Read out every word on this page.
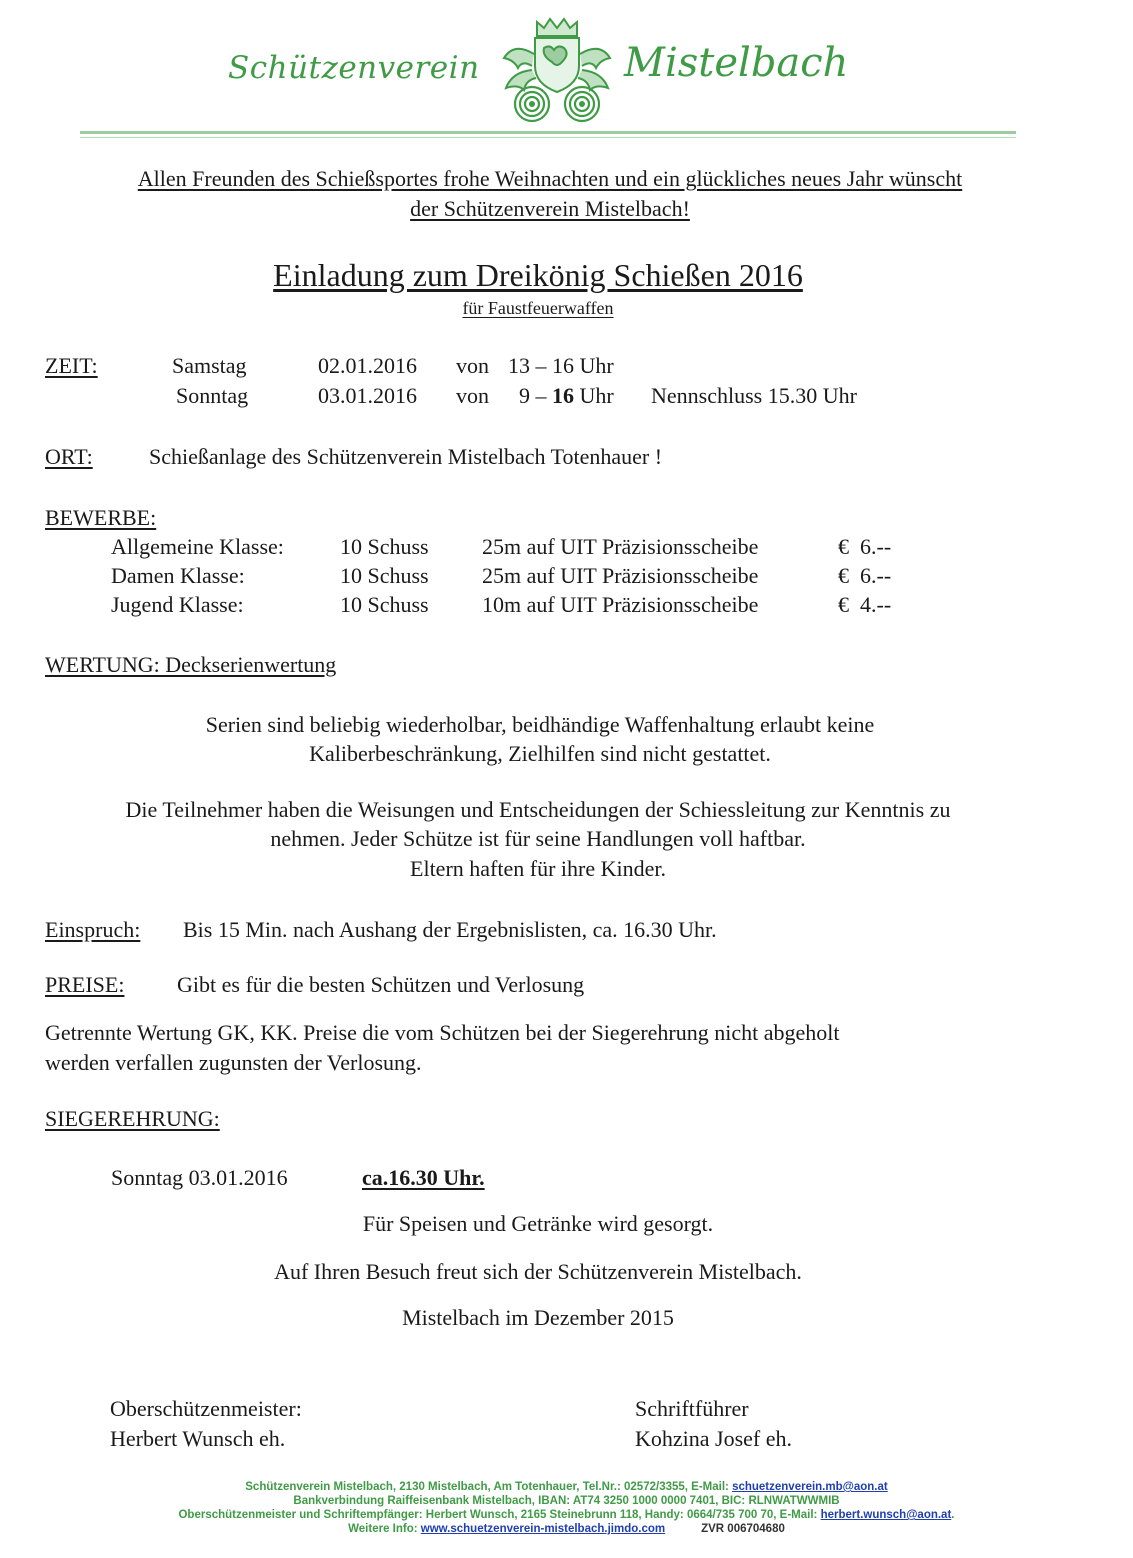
Schützenverein	Mistelbach
Allen Freunden des Schießsportes frohe Weihnachten und ein glückliches neues Jahr wünscht
der Schützenverein Mistelbach!
Einladung zum Dreikönig Schießen 2016
für Faustfeuerwaffen
ZEIT:	Samstag	02.01.2016 von 13 – 16 Uhr
Sonntag	03.01.2016 von 9 – 16 Uhr Nennschluss 15.30 Uhr
ORT:	Schießanlage des Schützenverein Mistelbach Totenhauer !
BEWERBE:
Allgemeine Klasse:	10 Schuss 25m auf UIT Präzisionsscheibe	€  6.--
Damen Klasse:	10 Schuss 25m auf UIT Präzisionsscheibe	€  6.--
Jugend Klasse:	10 Schuss 10m auf UIT Präzisionsscheibe	€  4.--
WERTUNG: Deckserienwertung
Serien sind beliebig wiederholbar, beidhändige Waffenhaltung erlaubt keine
Kaliberbeschränkung, Zielhilfen sind nicht gestattet.
Die Teilnehmer haben die Weisungen und Entscheidungen der Schiessleitung zur Kenntnis zu
nehmen. Jeder Schütze ist für seine Handlungen voll haftbar.
Eltern haften für ihre Kinder.
Einspruch: Bis 15 Min. nach Aushang der Ergebnislisten, ca. 16.30 Uhr.
PREISE: Gibt es für die besten Schützen und Verlosung
Getrennte Wertung GK, KK. Preise die vom Schützen bei der Siegerehrung nicht abgeholt
werden verfallen zugunsten der Verlosung.
SIEGEREHRUNG:
Sonntag 03.01.2016	ca.16.30 Uhr.
Für Speisen und Getränke wird gesorgt.
Auf Ihren Besuch freut sich der Schützenverein Mistelbach.
Mistelbach im Dezember 2015
Oberschützenmeister:
Herbert Wunsch eh.
Schriftführer
Kohzina Josef eh.
Schützenverein Mistelbach, 2130 Mistelbach, Am Totenhauer, Tel.Nr.: 02572/3355, E-Mail: schuetzenverein.mb@aon.at
Bankverbindung Raiffeisenbank Mistelbach, IBAN: AT74 3250 1000 0000 7401, BIC: RLNWATWWMIB
Oberschützenmeister und Schriftempfänger: Herbert Wunsch, 2165 Steinebrunn 118, Handy: 0664/735 700 70, E-Mail: herbert.wunsch@aon.at.
Weitere Info: www.schuetzenverein-mistelbach.jimdo.com	ZVR 006704680
